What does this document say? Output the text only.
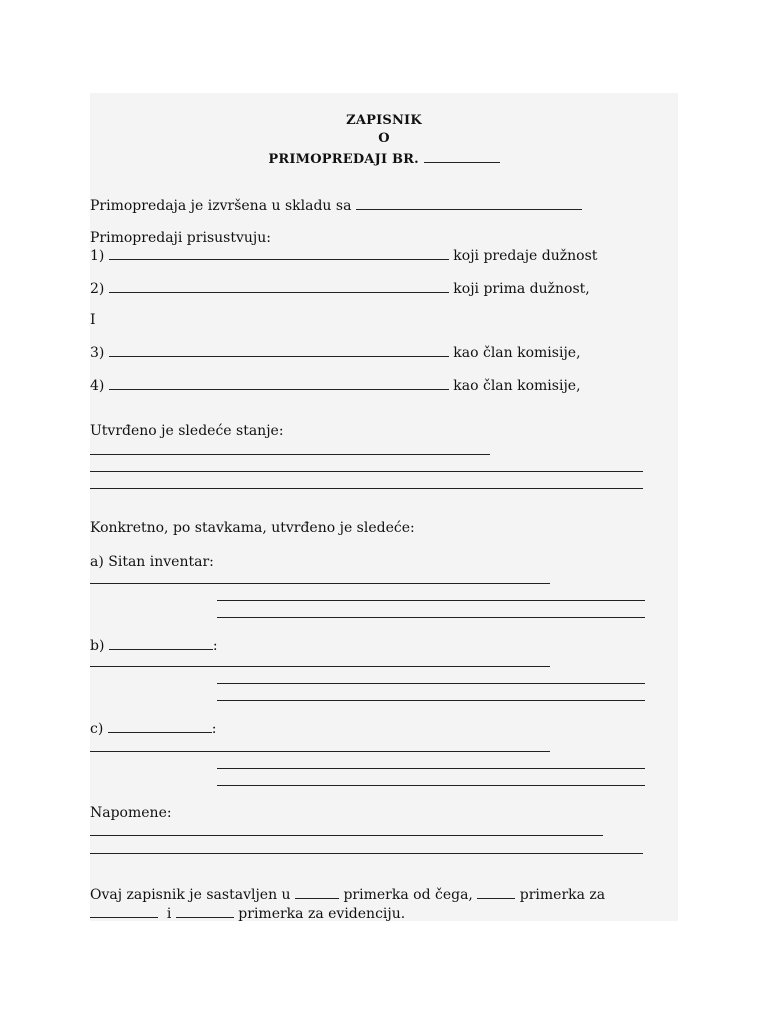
ZAPISNIK
O
PRIMOPREDAJI BR.
Primopredaja je izvršena u skladu sa
Primopredaji prisustvuju:
1)	koji predaje dužnost
2)	koji prima dužnost,
I
3)	kao član komisije,
4)	kao član komisije,
Utvrđeno je sledeće stanje:
Konkretno, po stavkama, utvrđeno je sledeće:
a) Sitan inventar:
b)	:
c)	:
Napomene:
Ovaj zapisnik je sastavljen u	primerka od čega,	primerka za
i	primerka za evidenciju.
